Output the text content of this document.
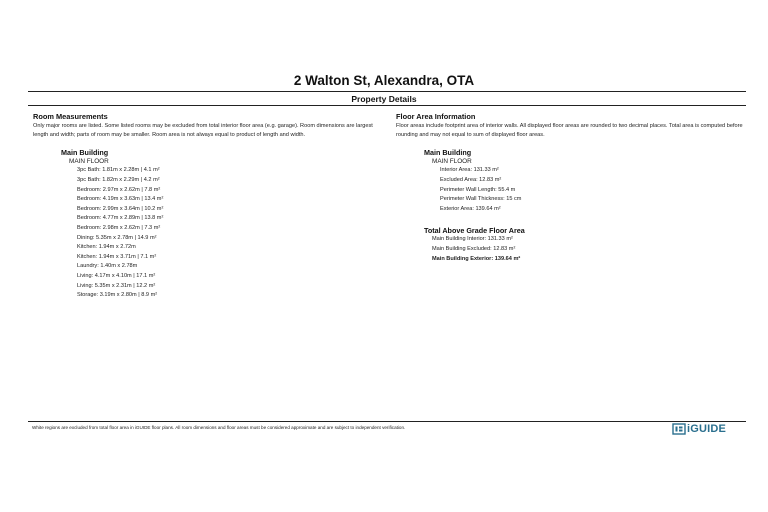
2 Walton St, Alexandra, OTA
Property Details
Room Measurements
Only major rooms are listed. Some listed rooms may be excluded from total interior floor area (e.g. garage). Room dimensions are largest length and width; parts of room may be smaller. Room area is not always equal to product of length and width.
Main Building
MAIN FLOOR
3pc Bath: 1.81m x 2.28m | 4.1 m²
3pc Bath: 1.82m x 2.29m | 4.2 m²
Bedroom: 2.97m x 2.62m | 7.8 m²
Bedroom: 4.19m x 3.63m | 13.4 m²
Bedroom: 2.99m x 3.64m | 10.2 m²
Bedroom: 4.77m x 2.89m | 13.8 m²
Bedroom: 2.98m x 2.62m | 7.3 m²
Dining: 5.35m x 2.78m | 14.9 m²
Kitchen: 1.94m x 2.72m
Kitchen: 1.94m x 3.71m | 7.1 m²
Laundry: 1.40m x 2.78m
Living: 4.17m x 4.10m | 17.1 m²
Living: 5.35m x 2.31m | 12.2 m²
Storage: 3.19m x 2.80m | 8.9 m²
Floor Area Information
Floor areas include footprint area of interior walls. All displayed floor areas are rounded to two decimal places. Total area is computed before rounding and may not equal to sum of displayed floor areas.
Main Building
MAIN FLOOR
Interior Area: 131.33 m²
Excluded Area: 12.83 m²
Perimeter Wall Length: 55.4 m
Perimeter Wall Thickness: 15 cm
Exterior Area: 139.64 m²
Total Above Grade Floor Area
Main Building Interior: 131.33 m²
Main Building Excluded: 12.83 m²
Main Building Exterior: 139.64 m²
White regions are excluded from total floor area in iGUIDE floor plans. All room dimensions and floor areas must be considered approximate and are subject to independent verification.	iGUIDE
